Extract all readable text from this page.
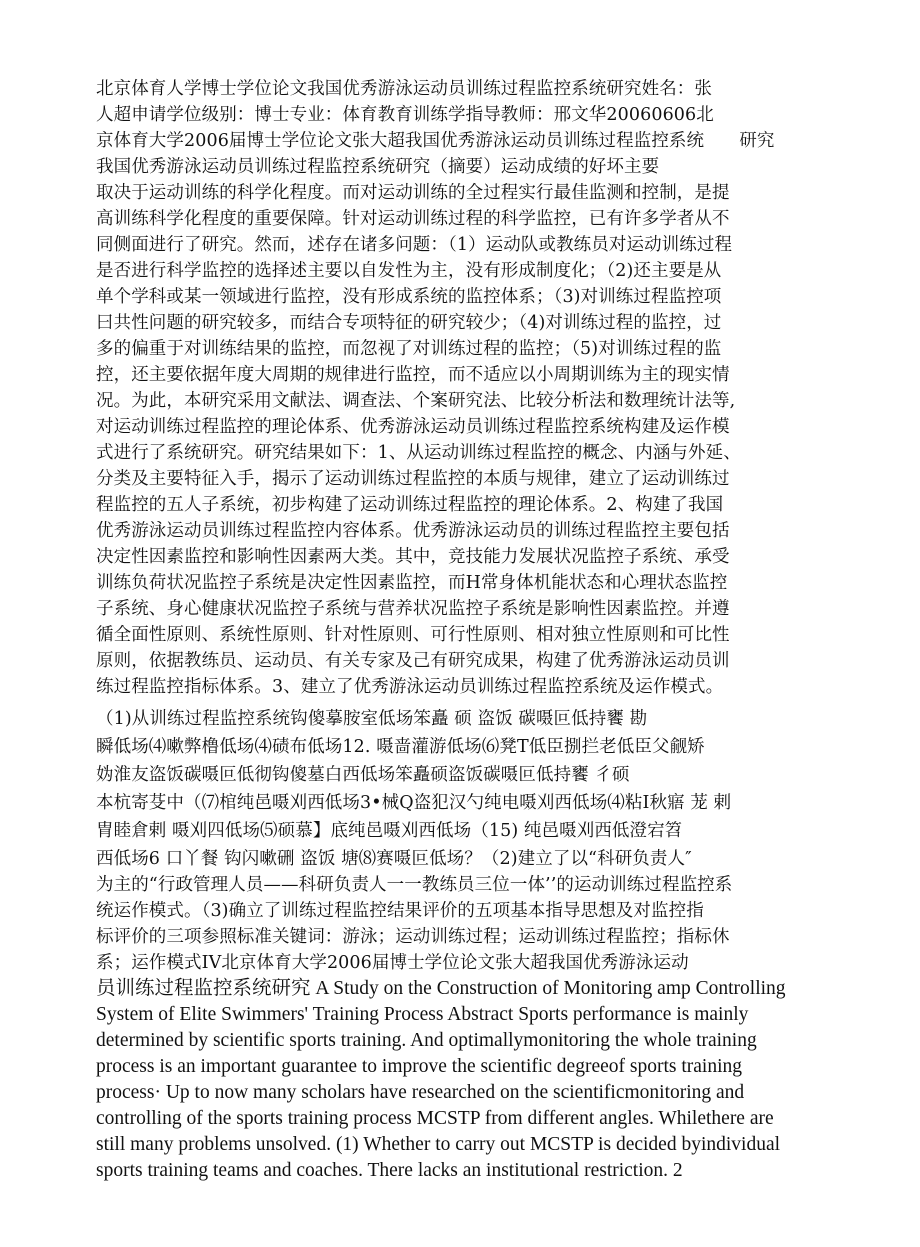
北京体育人学博士学位论文我国优秀游泳运动员训练过程监控系统研究姓名：张
人超申请学位级别：博士专业：体育教育训练学指导教师：邢文华20060606北
京体育大学2006届博士学位论文张大超我国优秀游泳运动员训练过程监控系统　　研究
我国优秀游泳运动员训练过程监控系统研究（摘要）运动成绩的好坏主要
取决于运动训练的科学化程度。而对运动训练的全过程实行最佳监测和控制，是提
高训练科学化程度的重要保障。针对运动训练过程的科学监控，已有许多学者从不
同侧面进行了研究。然而，述存在诸多问题：（1）运动队或教练员对运动训练过程
是否进行科学监控的选择述主要以自发性为主，没有形成制度化；（2)还主要是从
单个学科或某一领域进行监控，没有形成系统的监控体系；（3)对训练过程监控项
曰共性问题的研究较多，而结合专项特征的研究较少；（4)对训练过程的监控，过
多的偏重于对训练结果的监控，而忽视了对训练过程的监控；（5)对训练过程的监
控，还主要依据年度大周期的规律进行监控，而不适应以小周期训练为主的现实情
况。为此，本研究采用文献法、调查法、个案研究法、比较分析法和数理统计法等,
对运动训练过程监控的理论体系、优秀游泳运动员训练过程监控系统构建及运作模
式进行了系统研究。研究结果如下：1、从运动训练过程监控的概念、内涵与外延、
分类及主要特征入手，揭示了运动训练过程监控的本质与规律，建立了运动训练过
程监控的五人子系统，初步构建了运动训练过程监控的理论体系。2、构建了我国
优秀游泳运动员训练过程监控内容体系。优秀游泳运动员的训练过程监控主要包括
决定性因素监控和影响性因素两大类。其中，竞技能力发展状况监控子系统、承受
训练负荷状况监控子系统是决定性因素监控，而H常身体机能状态和心理状态监控
子系统、身心健康状况监控子系统与营养状况监控子系统是影响性因素监控。并遵
循全面性原则、系统性原则、针对性原则、可行性原则、相对独立性原则和可比性
原则，依据教练员、运动员、有关专家及己有研究成果，构建了优秀游泳运动员训
练过程监控指标体系。3、建立了优秀游泳运动员训练过程监控系统及运作模式。
（1)从训练过程监控系统钩傻摹胺室低场笨矗 硕 盗饭 碳嗫叵低持饔 勘
瞬低场⑷嗽弊橹低场⑷碛布低场12. 嗫啬灌游低场⑹凳T低臣捌拦老低臣父觎矫
妫淮友盗饭碳嗫叵低彻钩傻墓白西低场笨矗硕盗饭碳嗫叵低持饔 彳硕
本杭寄芟中（⑺棺纯邑嗫刈西低场3•械Q盗犯汉勺纯电嗫刈西低场⑷粘I秋寤 茏 剌
胄睦倉剌 嗫刈四低场⑸硕慕】底纯邑嗫刈西低场（15) 纯邑嗫刈西低澄宕笤
西低场6 口丫餐 钩闪嗽硎 盗饭 塘⑻赛嗫叵低场？（2)建立了以“科研负责人″
为主的“行政管理人员——科研负责人一一教练员三位一体’’的运动训练过程监控系
统运作模式。（3)确立了训练过程监控结果评价的五项基本指导思想及对监控指
标评价的三项参照标准关键词：游泳；运动训练过程；运动训练过程监控；指标休
系；运作模式IV北京体育大学2006届博士学位论文张大超我国优秀游泳运动
员训练过程监控系统研究 A Study on the Construction of Monitoring amp Controlling
System of Elite Swimmers' Training Process Abstract Sports performance is mainly
determined by scientific sports training. And optimallymonitoring the whole training
process is an important guarantee to improve the scientific degreeof sports training
process· Up to now many scholars have researched on the scientificmonitoring and
controlling of the sports training process MCSTP from different angles. Whilethere are
still many problems unsolved. (1) Whether to carry out MCSTP is decided byindividual
sports training teams and coaches. There lacks an institutional restriction. 2
